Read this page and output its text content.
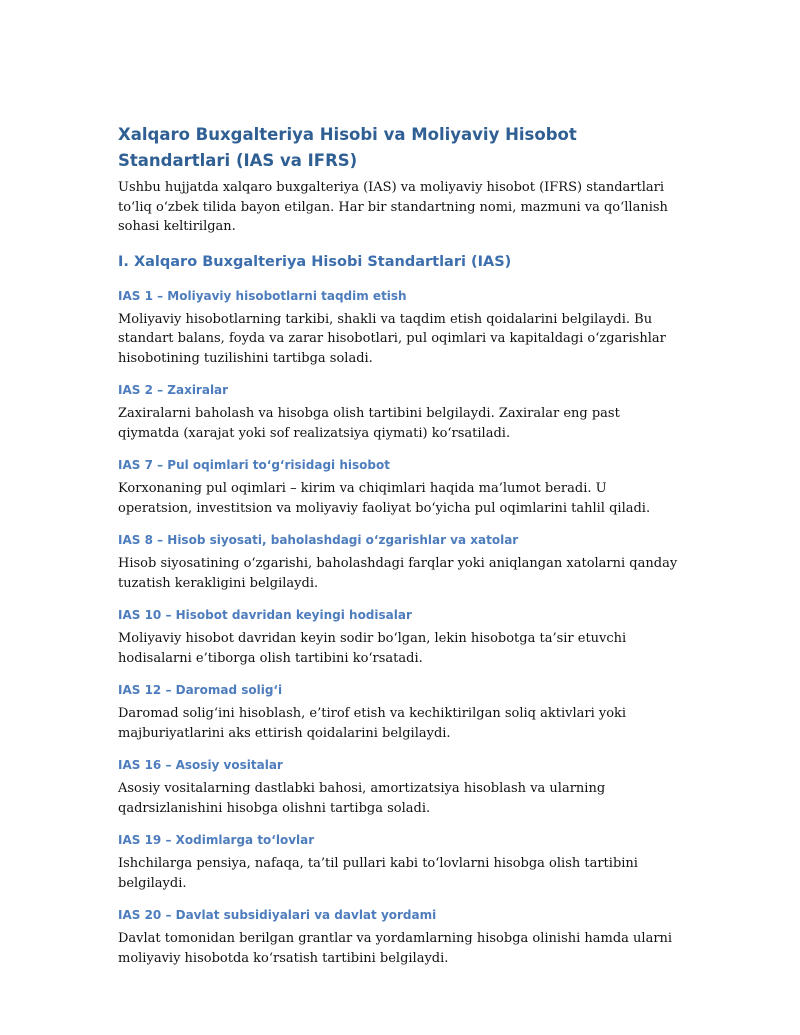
Xalqaro Buxgalteriya Hisobi va Moliyaviy Hisobot Standartlari (IAS va IFRS)

Ushbu hujjatda xalqaro buxgalteriya (IAS) va moliyaviy hisobot (IFRS) standartlari to‘liq o‘zbek tilida bayon etilgan. Har bir standartning nomi, mazmuni va qo‘llanish sohasi keltirilgan.

I. Xalqaro Buxgalteriya Hisobi Standartlari (IAS)
IAS 1 – Moliyaviy hisobotlarni taqdim etish

Moliyaviy hisobotlarning tarkibi, shakli va taqdim etish qoidalarini belgilaydi. Bu standart balans, foyda va zarar hisobotlari, pul oqimlari va kapitaldagi o‘zgarishlar hisobotining tuzilishini tartibga soladi.

IAS 2 – Zaxiralar

Zaxiralarni baholash va hisobga olish tartibini belgilaydi. Zaxiralar eng past qiymatda (xarajat yoki sof realizatsiya qiymati) ko‘rsatiladi.

IAS 7 – Pul oqimlari to‘g‘risidagi hisobot

Korxonaning pul oqimlari – kirim va chiqimlari haqida ma’lumot beradi. U operatsion, investitsion va moliyaviy faoliyat bo‘yicha pul oqimlarini tahlil qiladi.

IAS 8 – Hisob siyosati, baholashdagi o‘zgarishlar va xatolar

Hisob siyosatining o‘zgarishi, baholashdagi farqlar yoki aniqlangan xatolarni qanday tuzatish kerakligini belgilaydi.

IAS 10 – Hisobot davridan keyingi hodisalar

Moliyaviy hisobot davridan keyin sodir bo‘lgan, lekin hisobotga ta’sir etuvchi hodisalarni e’tiborga olish tartibini ko‘rsatadi.

IAS 12 – Daromad solig‘i

Daromad solig‘ini hisoblash, e’tirof etish va kechiktirilgan soliq aktivlari yoki majburiyatlarini aks ettirish qoidalarini belgilaydi.

IAS 16 – Asosiy vositalar

Asosiy vositalarning dastlabki bahosi, amortizatsiya hisoblash va ularning qadrsizlanishini hisobga olishni tartibga soladi.

IAS 19 – Xodimlarga to‘lovlar

Ishchilarga pensiya, nafaqa, ta’til pullari kabi to‘lovlarni hisobga olish tartibini belgilaydi.

IAS 20 – Davlat subsidiyalari va davlat yordami

Davlat tomonidan berilgan grantlar va yordamlarning hisobga olinishi hamda ularni moliyaviy hisobotda ko‘rsatish tartibini belgilaydi.
